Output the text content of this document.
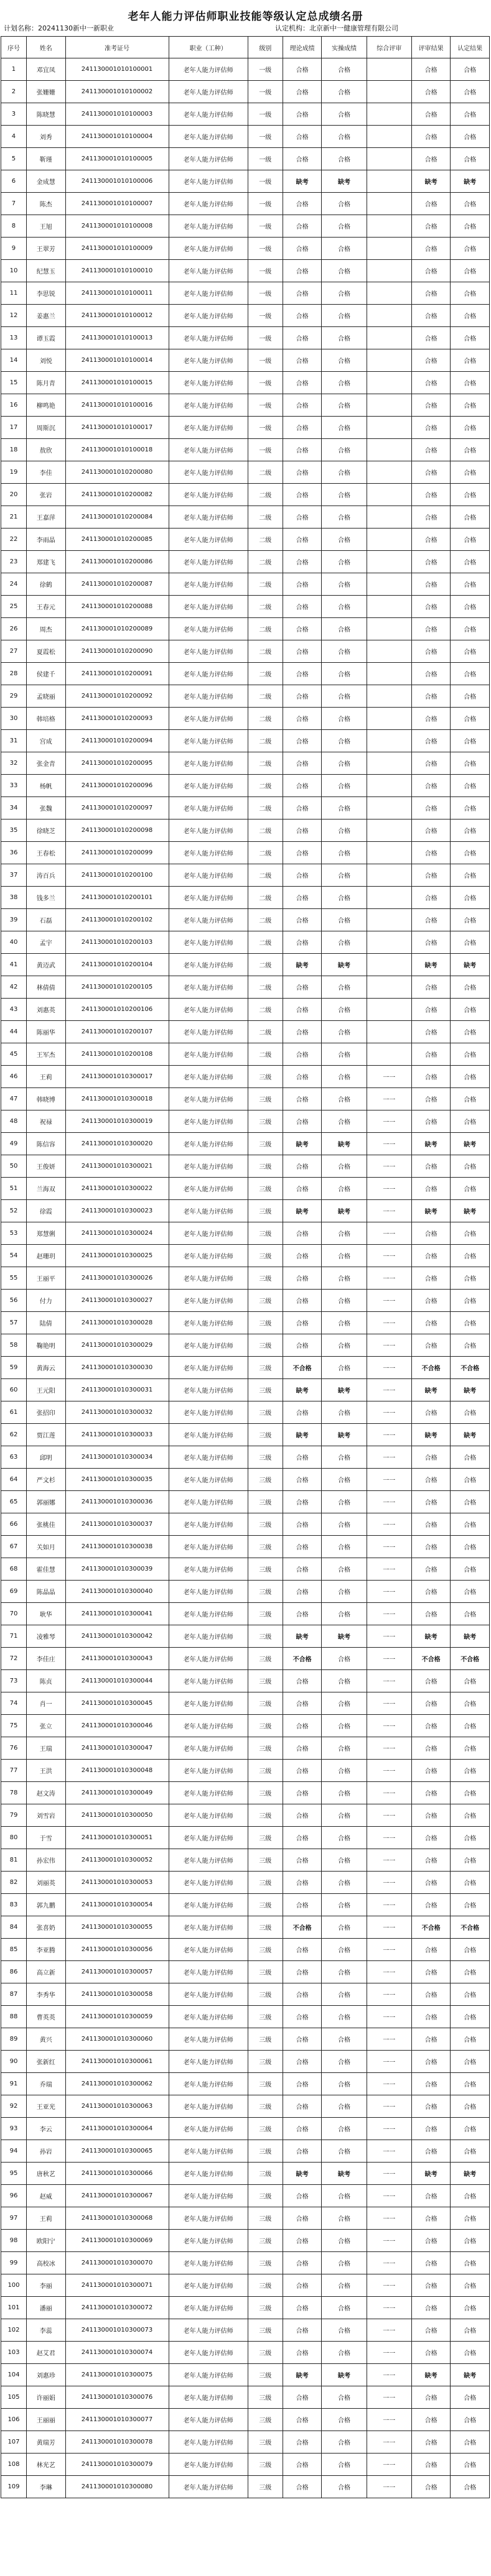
老年人能力评估师职业技能等级认定总成绩名册
计划名称：20241130新中一新职业	认定机构：北京新中一健康管理有限公司
序号	姓名	准考证号	职业（工种）	级别	理论成绩	实操成绩	综合评审	评审结果	认定结果
1	邓宜凤	241130001010100001	老年人能力评估师	一级	合格	合格		合格	合格
2	张姗姗	241130001010100002	老年人能力评估师	一级	合格	合格		合格	合格
3	陈晓慧	241130001010100003	老年人能力评估师	一级	合格	合格		合格	合格
4	刘秀	241130001010100004	老年人能力评估师	一级	合格	合格		合格	合格
5	靳瑾	241130001010100005	老年人能力评估师	一级	合格	合格		合格	合格
6	金成慧	241130001010100006	老年人能力评估师	一级	缺考	缺考		缺考	缺考
7	陈杰	241130001010100007	老年人能力评估师	一级	合格	合格		合格	合格
8	王旭	241130001010100008	老年人能力评估师	一级	合格	合格		合格	合格
9	王翠芳	241130001010100009	老年人能力评估师	一级	合格	合格		合格	合格
10	纪慧玉	241130001010100010	老年人能力评估师	一级	合格	合格		合格	合格
11	李思锐	241130001010100011	老年人能力评估师	一级	合格	合格		合格	合格
12	姜惠兰	241130001010100012	老年人能力评估师	一级	合格	合格		合格	合格
13	谭玉霞	241130001010100013	老年人能力评估师	一级	合格	合格		合格	合格
14	刘悦	241130001010100014	老年人能力评估师	一级	合格	合格		合格	合格
15	陈月青	241130001010100015	老年人能力评估师	一级	合格	合格		合格	合格
16	柳鸣艳	241130001010100016	老年人能力评估师	一级	合格	合格		合格	合格
17	周斯沉	241130001010100017	老年人能力评估师	一级	合格	合格		合格	合格
18	敖欣	241130001010100018	老年人能力评估师	一级	合格	合格		合格	合格
19	李佳	241130001010200080	老年人能力评估师	二级	合格	合格		合格	合格
20	张岩	241130001010200082	老年人能力评估师	二级	合格	合格		合格	合格
21	王嘉萍	241130001010200084	老年人能力评估师	二级	合格	合格		合格	合格
22	李雨晶	241130001010200085	老年人能力评估师	二级	合格	合格		合格	合格
23	郑建飞	241130001010200086	老年人能力评估师	二级	合格	合格		合格	合格
24	徐鹤	241130001010200087	老年人能力评估师	二级	合格	合格		合格	合格
25	王春元	241130001010200088	老年人能力评估师	二级	合格	合格		合格	合格
26	周杰	241130001010200089	老年人能力评估师	二级	合格	合格		合格	合格
27	夏霞松	241130001010200090	老年人能力评估师	二级	合格	合格		合格	合格
28	侯建千	241130001010200091	老年人能力评估师	二级	合格	合格		合格	合格
29	孟晓丽	241130001010200092	老年人能力评估师	二级	合格	合格		合格	合格
30	韩培格	241130001010200093	老年人能力评估师	二级	合格	合格		合格	合格
31	宫成	241130001010200094	老年人能力评估师	二级	合格	合格		合格	合格
32	张金青	241130001010200095	老年人能力评估师	二级	合格	合格		合格	合格
33	杨帆	241130001010200096	老年人能力评估师	二级	合格	合格		合格	合格
34	张魏	241130001010200097	老年人能力评估师	二级	合格	合格		合格	合格
35	徐晓芝	241130001010200098	老年人能力评估师	二级	合格	合格		合格	合格
36	王春松	241130001010200099	老年人能力评估师	二级	合格	合格		合格	合格
37	涛百兵	241130001010200100	老年人能力评估师	二级	合格	合格		合格	合格
38	钱多兰	241130001010200101	老年人能力评估师	二级	合格	合格		合格	合格
39	石磊	241130001010200102	老年人能力评估师	二级	合格	合格		合格	合格
40	孟宇	241130001010200103	老年人能力评估师	二级	合格	合格		合格	合格
41	黄迈武	241130001010200104	老年人能力评估师	二级	缺考	缺考		缺考	缺考
42	林倩倩	241130001010200105	老年人能力评估师	二级	合格	合格		合格	合格
43	刘惠英	241130001010200106	老年人能力评估师	二级	合格	合格		合格	合格
44	陈丽华	241130001010200107	老年人能力评估师	二级	合格	合格		合格	合格
45	王军杰	241130001010200108	老年人能力评估师	二级	合格	合格		合格	合格
46	王莉	241130001010300017	老年人能力评估师	三级	合格	合格	一一	合格	合格
47	韩晓博	241130001010300018	老年人能力评估师	三级	合格	合格	一一	合格	合格
48	祝禄	241130001010300019	老年人能力评估师	三级	合格	合格	一一	合格	合格
49	陈信容	241130001010300020	老年人能力评估师	三级	缺考	缺考	一一	缺考	缺考
50	王俊妍	241130001010300021	老年人能力评估师	三级	合格	合格	一一	合格	合格
51	兰海双	241130001010300022	老年人能力评估师	三级	合格	合格	一一	合格	合格
52	徐霞	241130001010300023	老年人能力评估师	三级	缺考	缺考	一一	缺考	缺考
53	郑慧俐	241130001010300024	老年人能力评估师	三级	合格	合格	一一	合格	合格
54	赵珊玥	241130001010300025	老年人能力评估师	三级	合格	合格	一一	合格	合格
55	王丽平	241130001010300026	老年人能力评估师	三级	合格	合格	一一	合格	合格
56	付力	241130001010300027	老年人能力评估师	三级	合格	合格	一一	合格	合格
57	陆倩	241130001010300028	老年人能力评估师	三级	合格	合格	一一	合格	合格
58	鞠艳明	241130001010300029	老年人能力评估师	三级	合格	合格	一一	合格	合格
59	黄海云	241130001010300030	老年人能力评估师	三级	不合格	合格	一一	不合格	不合格
60	王元阳	241130001010300031	老年人能力评估师	三级	缺考	缺考	一一	缺考	缺考
61	张招印	241130001010300032	老年人能力评估师	三级	合格	合格	一一	合格	合格
62	贾江莲	241130001010300033	老年人能力评估师	三级	缺考	缺考	一一	缺考	缺考
63	邱明	241130001010300034	老年人能力评估师	三级	合格	合格	一一	合格	合格
64	严文杉	241130001010300035	老年人能力评估师	三级	合格	合格	一一	合格	合格
65	郭丽娜	241130001010300036	老年人能力评估师	三级	合格	合格	一一	合格	合格
66	张桃佳	241130001010300037	老年人能力评估师	三级	合格	合格	一一	合格	合格
67	关如月	241130001010300038	老年人能力评估师	三级	合格	合格	一一	合格	合格
68	霍佳慧	241130001010300039	老年人能力评估师	三级	合格	合格	一一	合格	合格
69	陈晶晶	241130001010300040	老年人能力评估师	三级	合格	合格	一一	合格	合格
70	耿华	241130001010300041	老年人能力评估师	三级	合格	合格	一一	合格	合格
71	凌雅琴	241130001010300042	老年人能力评估师	三级	缺考	缺考	一一	缺考	缺考
72	李佳庄	241130001010300043	老年人能力评估师	三级	不合格	合格	一一	不合格	不合格
73	陈贞	241130001010300044	老年人能力评估师	三级	合格	合格	一一	合格	合格
74	肖一	241130001010300045	老年人能力评估师	三级	合格	合格	一一	合格	合格
75	张立	241130001010300046	老年人能力评估师	三级	合格	合格	一一	合格	合格
76	王瑞	241130001010300047	老年人能力评估师	三级	合格	合格	一一	合格	合格
77	王洪	241130001010300048	老年人能力评估师	三级	合格	合格	一一	合格	合格
78	赵文涛	241130001010300049	老年人能力评估师	三级	合格	合格	一一	合格	合格
79	刘雪岩	241130001010300050	老年人能力评估师	三级	合格	合格	一一	合格	合格
80	于雪	241130001010300051	老年人能力评估师	三级	合格	合格	一一	合格	合格
81	孙宏伟	241130001010300052	老年人能力评估师	三级	合格	合格	一一	合格	合格
82	刘丽英	241130001010300053	老年人能力评估师	三级	合格	合格	一一	合格	合格
83	郭九鹏	241130001010300054	老年人能力评估师	三级	合格	合格	一一	合格	合格
84	张喜奶	241130001010300055	老年人能力评估师	三级	不合格	合格	一一	不合格	不合格
85	李亚腾	241130001010300056	老年人能力评估师	三级	合格	合格	一一	合格	合格
86	高立新	241130001010300057	老年人能力评估师	三级	合格	合格	一一	合格	合格
87	李秀华	241130001010300058	老年人能力评估师	三级	合格	合格	一一	合格	合格
88	曹英英	241130001010300059	老年人能力评估师	三级	合格	合格	一一	合格	合格
89	黄兴	241130001010300060	老年人能力评估师	三级	合格	合格	一一	合格	合格
90	张新红	241130001010300061	老年人能力评估师	三级	合格	合格	一一	合格	合格
91	乔瑞	241130001010300062	老年人能力评估师	三级	合格	合格	一一	合格	合格
92	王亚光	241130001010300063	老年人能力评估师	三级	合格	合格	一一	合格	合格
93	李云	241130001010300064	老年人能力评估师	三级	合格	合格	一一	合格	合格
94	孙岩	241130001010300065	老年人能力评估师	三级	合格	合格	一一	合格	合格
95	唐秋艺	241130001010300066	老年人能力评估师	三级	缺考	缺考	一一	缺考	缺考
96	赵威	241130001010300067	老年人能力评估师	三级	合格	合格	一一	合格	合格
97	王莉	241130001010300068	老年人能力评估师	三级	合格	合格	一一	合格	合格
98	欧阳宁	241130001010300069	老年人能力评估师	三级	合格	合格	一一	合格	合格
99	高校冰	241130001010300070	老年人能力评估师	三级	合格	合格	一一	合格	合格
100	李丽	241130001010300071	老年人能力评估师	三级	合格	合格	一一	合格	合格
101	潘丽	241130001010300072	老年人能力评估师	三级	合格	合格	一一	合格	合格
102	李蕊	241130001010300073	老年人能力评估师	三级	合格	合格	一一	合格	合格
103	赵艾君	241130001010300074	老年人能力评估师	三级	合格	合格	一一	合格	合格
104	刘惠珍	241130001010300075	老年人能力评估师	三级	缺考	缺考	一一	缺考	缺考
105	许丽娟	241130001010300076	老年人能力评估师	三级	合格	合格	一一	合格	合格
106	王丽丽	241130001010300077	老年人能力评估师	三级	合格	合格	一一	合格	合格
107	黄瑞芳	241130001010300078	老年人能力评估师	三级	合格	合格	一一	合格	合格
108	林光艺	241130001010300079	老年人能力评估师	三级	合格	合格	一一	合格	合格
109	李琳	241130001010300080	老年人能力评估师	三级	合格	合格	一一	合格	合格
